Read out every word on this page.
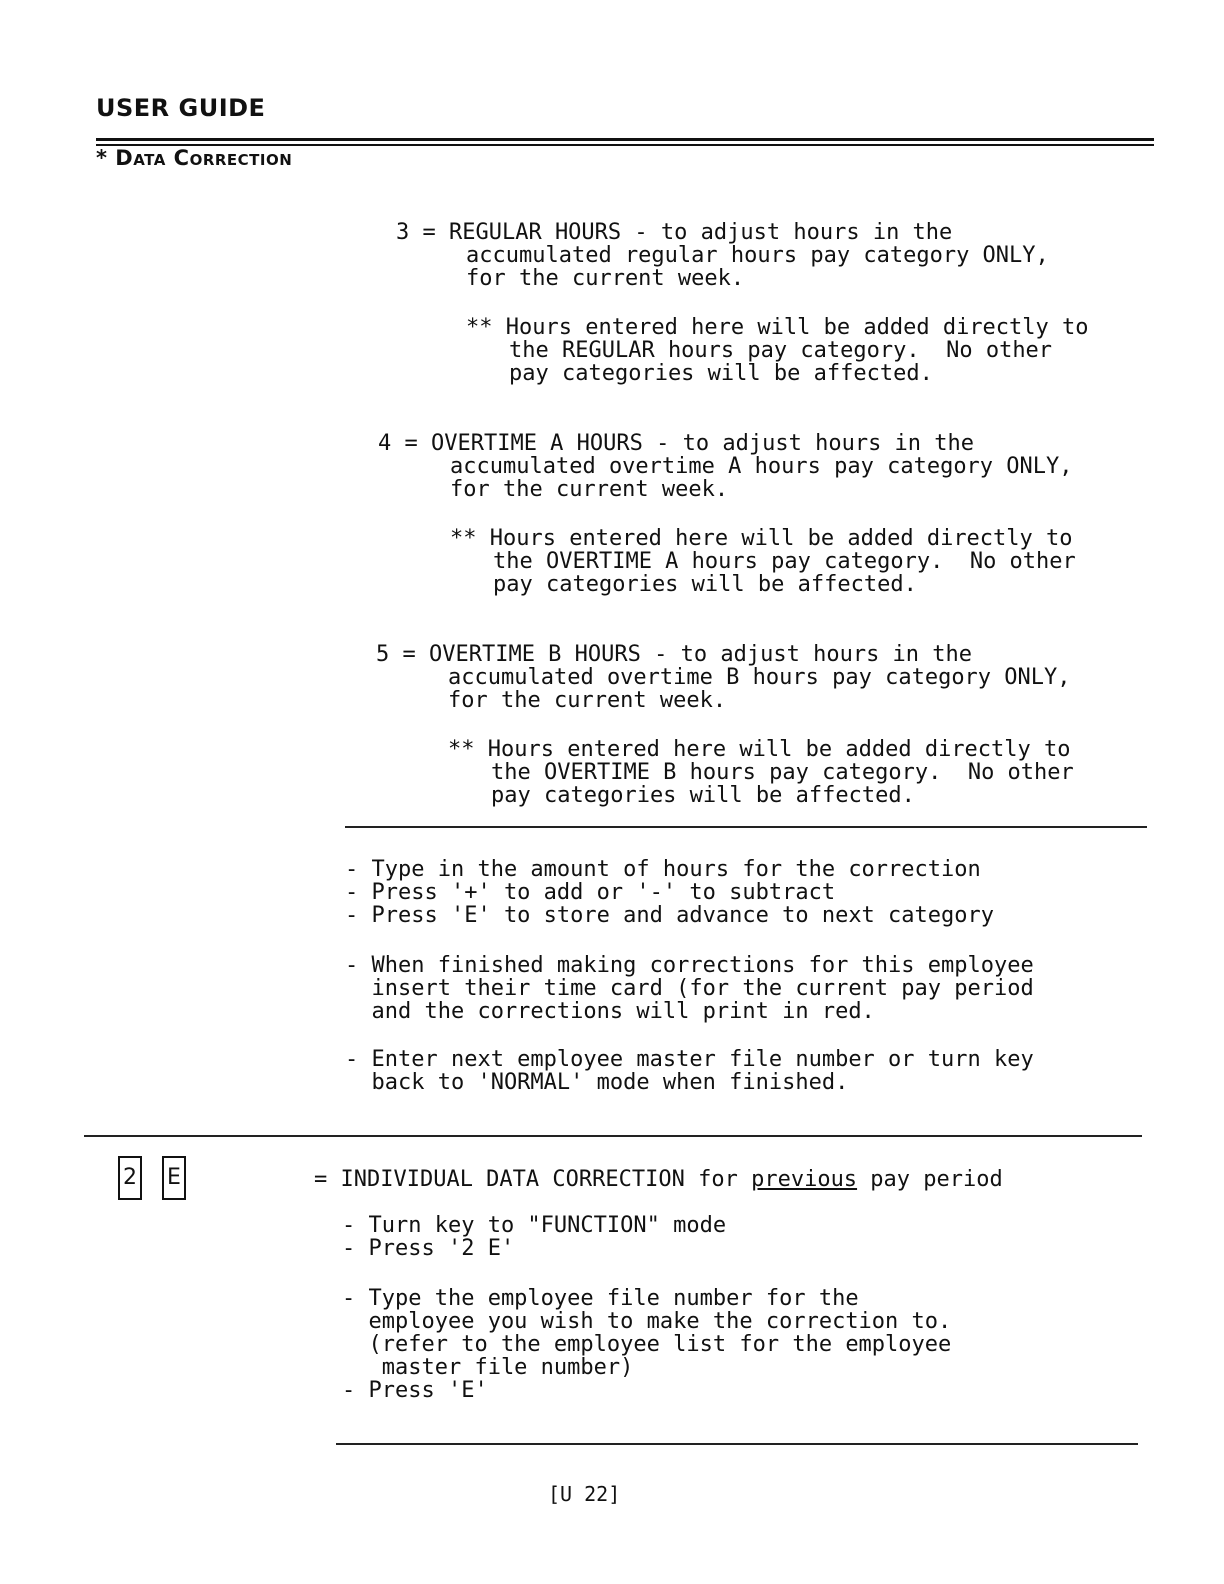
USER GUIDE
* Data Correction
3 = REGULAR HOURS - to adjust hours in the
accumulated regular hours pay category ONLY,
for the current week.
** Hours entered here will be added directly to
the REGULAR hours pay category.  No other
pay categories will be affected.
4 = OVERTIME A HOURS - to adjust hours in the
accumulated overtime A hours pay category ONLY,
for the current week.
** Hours entered here will be added directly to
the OVERTIME A hours pay category.  No other
pay categories will be affected.
5 = OVERTIME B HOURS - to adjust hours in the
accumulated overtime B hours pay category ONLY,
for the current week.
** Hours entered here will be added directly to
the OVERTIME B hours pay category.  No other
pay categories will be affected.
- Type in the amount of hours for the correction
- Press '+' to add or '-' to subtract
- Press 'E' to store and advance to next category
- When finished making corrections for this employee
insert their time card (for the current pay period
and the corrections will print in red.
- Enter next employee master file number or turn key
back to 'NORMAL' mode when finished.
2 E	= INDIVIDUAL DATA CORRECTION for previous pay period
- Turn key to "FUNCTION" mode
- Press '2 E'
- Type the employee file number for the
employee you wish to make the correction to.
(refer to the employee list for the employee
master file number)
- Press 'E'
[U 22]
